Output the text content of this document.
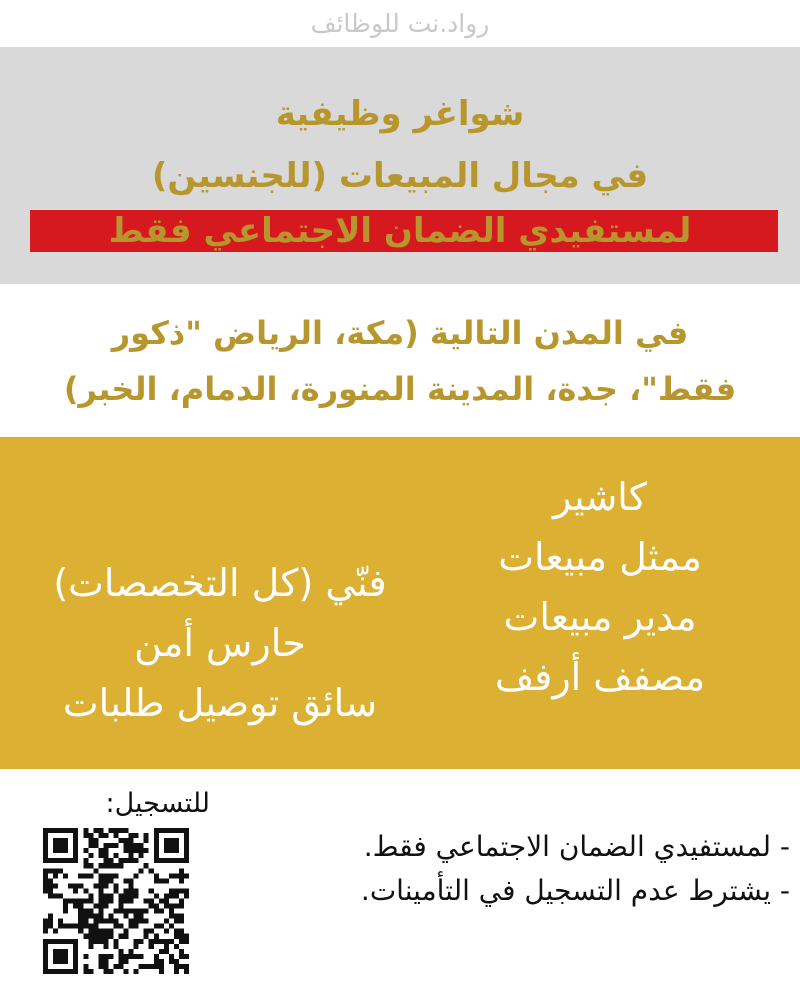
رواد.نت للوظائف
شواغر وظيفية
في مجال المبيعات (للجنسين)
لمستفيدي الضمان الاجتماعي فقط
في المدن التالية (مكة، الرياض "ذكور
فقط"، جدة، المدينة المنورة، الدمام، الخبر)
كاشير
ممثل مبيعات
مدير مبيعات
مصفف أرفف
فنّي (كل التخصصات)
حارس أمن
سائق توصيل طلبات
للتسجيل:
- لمستفيدي الضمان الاجتماعي فقط.
- يشترط عدم التسجيل في التأمينات.
